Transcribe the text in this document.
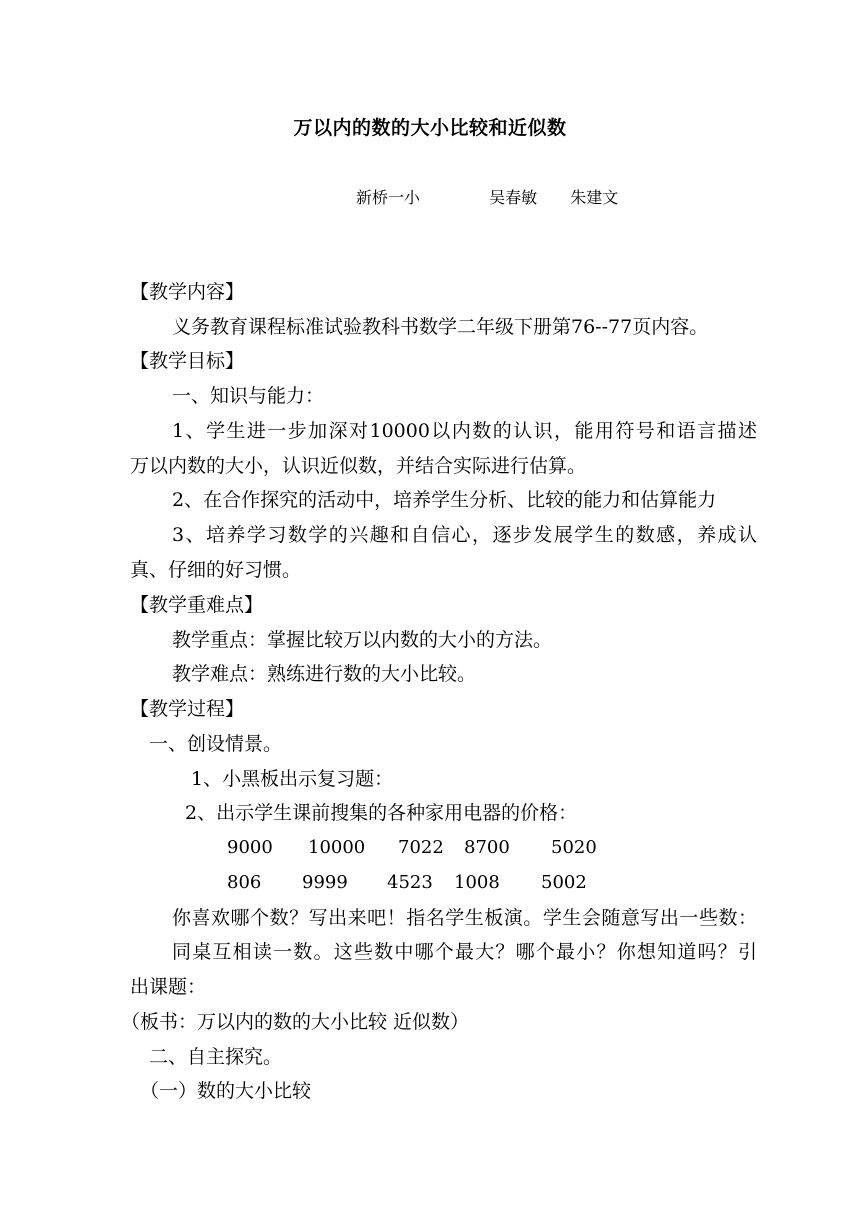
万以内的数的大小比较和近似数
新桥一小	吴春敏 朱建文
【教学内容】
义务教育课程标准试验教科书数学二年级下册第76--77页内容。
【教学目标】
一、知识与能力：
1、学生进一步加深对10000以内数的认识，能用符号和语言描述
万以内数的大小，认识近似数，并结合实际进行估算。
2、在合作探究的活动中，培养学生分析、比较的能力和估算能力
3、培养学习数学的兴趣和自信心，逐步发展学生的数感，养成认
真、仔细的好习惯。
【教学重难点】
教学重点：掌握比较万以内数的大小的方法。
教学难点：熟练进行数的大小比较。
【教学过程】
一、创设情景。
1、小黑板出示复习题：
2、出示学生课前搜集的各种家用电器的价格：
9000 10000 7022 8700 5020
806 9999 4523 1008 5002
你喜欢哪个数？写出来吧！指名学生板演。学生会随意写出一些数：
同桌互相读一数。这些数中哪个最大？哪个最小？你想知道吗？引
出课题：
（板书：万以内的数的大小比较 近似数）
二、自主探究。
（一）数的大小比较
